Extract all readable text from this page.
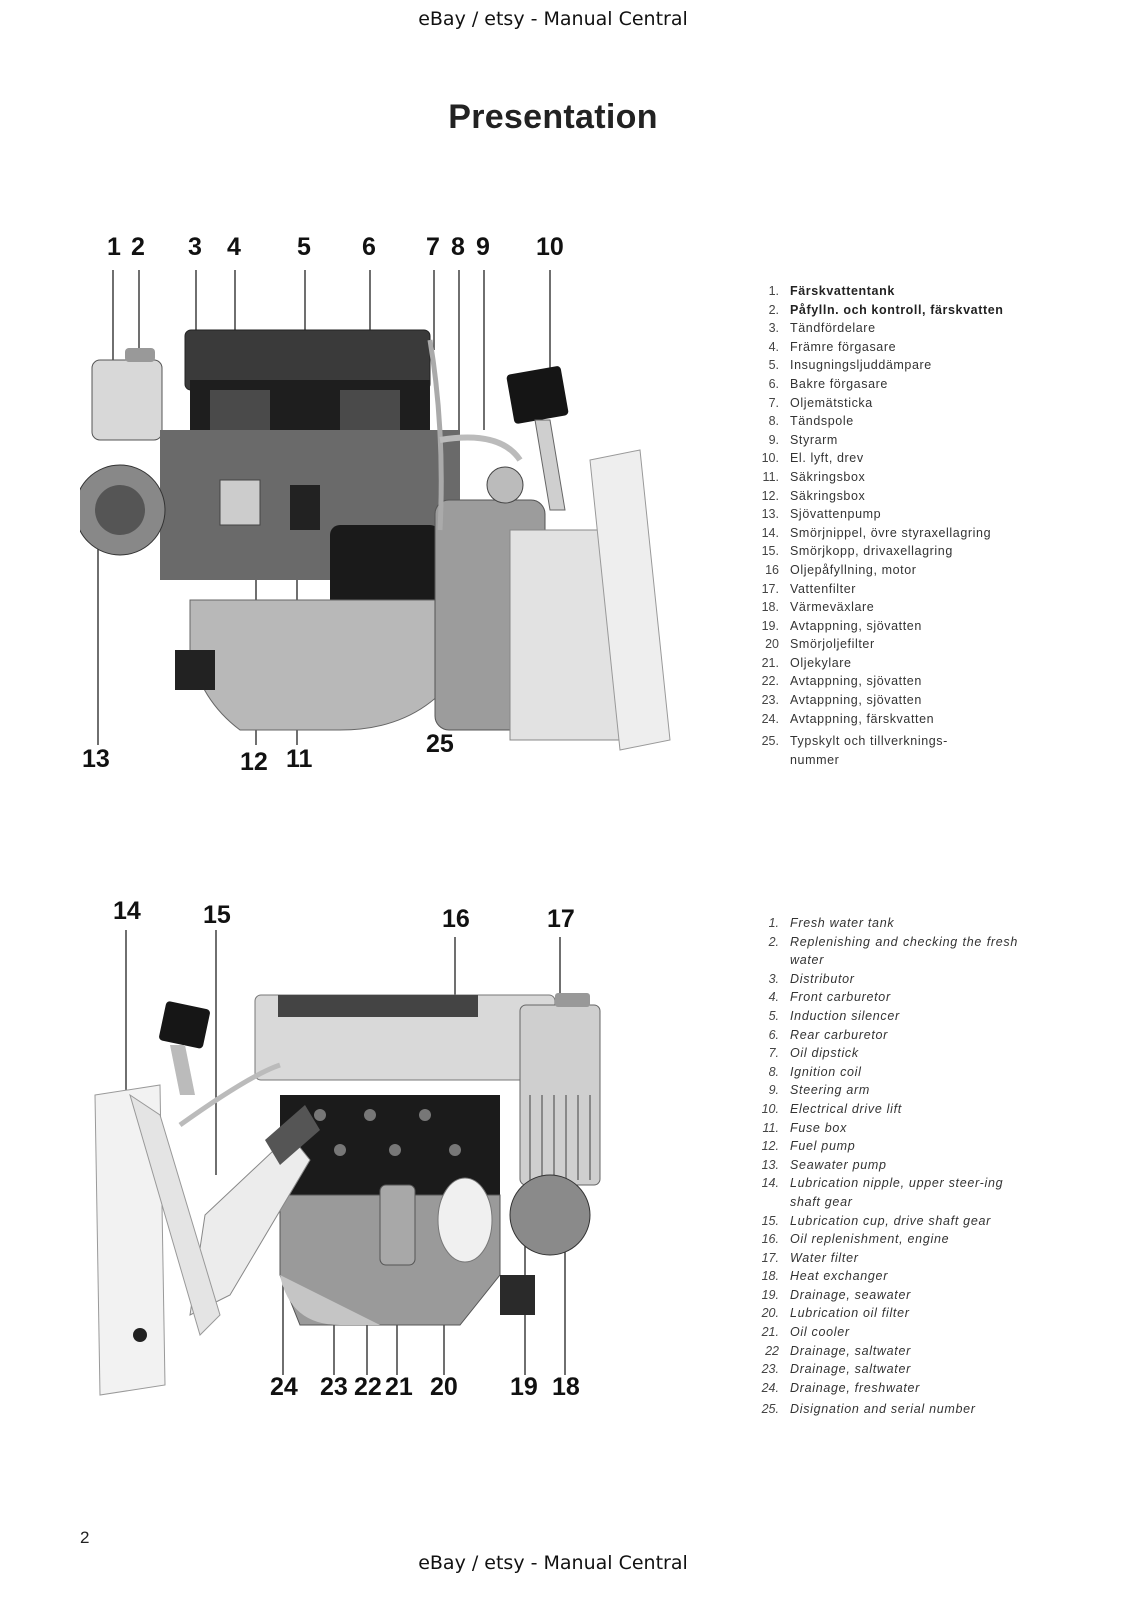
eBay / etsy - Manual Central
Presentation
1 2 3 4 5 6 7 8 9 10
13	12 11
25
1. Färskvattentank
2. Påfylln. och kontroll, färskvatten
3. Tändfördelare
4. Främre förgasare
5. Insugningsljuddämpare
6. Bakre förgasare
7. Oljemätsticka
8. Tändspole
9. Styrarm
10. El. lyft, drev
11. Säkringsbox
12. Säkringsbox
13. Sjövattenpump
14. Smörjnippel, övre styraxellagring
15. Smörjkopp, drivaxellagring
16 Oljepåfyllning, motor
17. Vattenfilter
18. Värmeväxlare
19. Avtappning, sjövatten
20 Smörjoljefilter
21. Oljekylare
22. Avtappning, sjövatten
23. Avtappning, sjövatten
24. Avtappning, färskvatten
25. Typskylt och tillverknings-nummer
14 15	16	17
24 23 22 21 20 19 18
1. Fresh water tank
2. Replenishing and checking the fresh water
3. Distributor
4. Front carburetor
5. Induction silencer
6. Rear carburetor
7. Oil dipstick
8. Ignition coil
9. Steering arm
10. Electrical drive lift
11. Fuse box
12. Fuel pump
13. Seawater pump
14. Lubrication nipple, upper steer-ing shaft gear
15. Lubrication cup, drive shaft gear
16. Oil replenishment, engine
17. Water filter
18. Heat exchanger
19. Drainage, seawater
20. Lubrication oil filter
21. Oil cooler
22 Drainage, saltwater
23. Drainage, saltwater
24. Drainage, freshwater
25. Disignation and serial number
2
eBay / etsy - Manual Central
